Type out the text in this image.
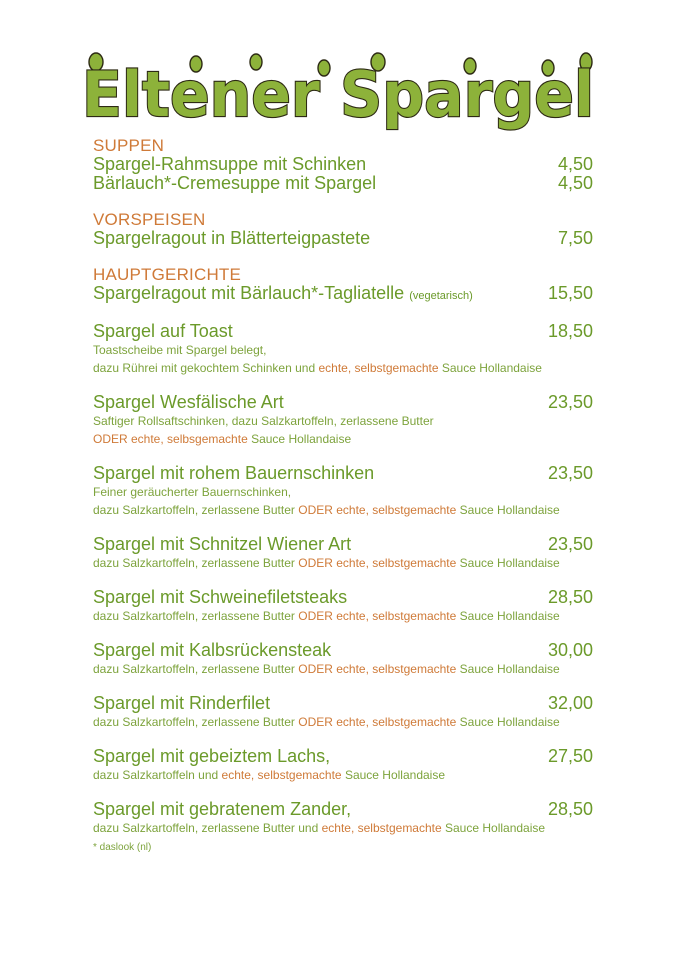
Eltener Spargel
SUPPEN
Spargel-Rahmsuppe mit Schinken	4,50
Bärlauch*-Cremesuppe mit Spargel	4,50
VORSPEISEN
Spargelragout in Blätterteigpastete	7,50
HAUPTGERICHTE
Spargelragout mit Bärlauch*-Tagliatelle (vegetarisch)	15,50
Spargel auf Toast	18,50
Toastscheibe mit Spargel belegt,
dazu Rührei mit gekochtem Schinken und echte, selbstgemachte Sauce Hollandaise
Spargel Wesfälische Art	23,50
Saftiger Rollsaftschinken, dazu Salzkartoffeln, zerlassene Butter
ODER echte, selbsgemachte Sauce Hollandaise
Spargel mit rohem Bauernschinken	23,50
Feiner geräucherter Bauernschinken,
dazu Salzkartoffeln, zerlassene Butter ODER echte, selbstgemachte Sauce Hollandaise
Spargel mit Schnitzel Wiener Art	23,50
dazu Salzkartoffeln, zerlassene Butter ODER echte, selbstgemachte Sauce Hollandaise
Spargel mit Schweinefiletsteaks	28,50
dazu Salzkartoffeln, zerlassene Butter ODER echte, selbstgemachte Sauce Hollandaise
Spargel mit Kalbsrückensteak	30,00
dazu Salzkartoffeln, zerlassene Butter ODER echte, selbstgemachte Sauce Hollandaise
Spargel mit Rinderfilet	32,00
dazu Salzkartoffeln, zerlassene Butter ODER echte, selbstgemachte Sauce Hollandaise
Spargel mit gebeiztem Lachs,	27,50
dazu Salzkartoffeln und echte, selbstgemachte Sauce Hollandaise
Spargel mit gebratenem Zander,	28,50
dazu Salzkartoffeln, zerlassene Butter und echte, selbstgemachte Sauce Hollandaise
* daslook (nl)
